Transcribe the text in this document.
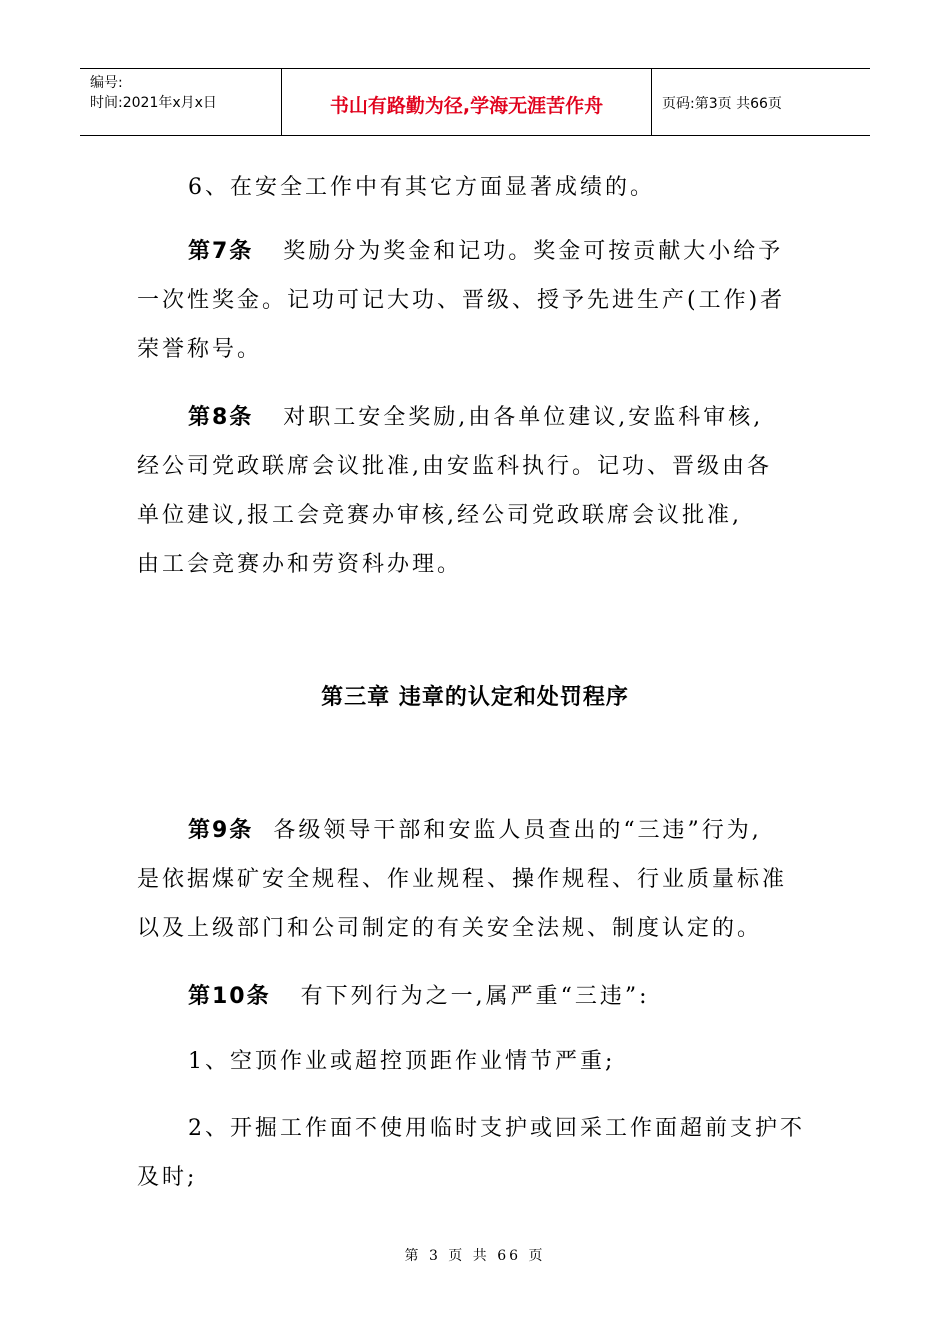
编号:
时间:2021年x月x日	书山有路勤为径,学海无涯苦作舟	页码:第3页 共66页
6、在安全工作中有其它方面显著成绩的。
第7条 奖励分为奖金和记功。奖金可按贡献大小给予
一次性奖金。记功可记大功、晋级、授予先进生产(工作)者
荣誉称号。
第8条 对职工安全奖励,由各单位建议,安监科审核,
经公司党政联席会议批准,由安监科执行。记功、晋级由各
单位建议,报工会竞赛办审核,经公司党政联席会议批准,
由工会竞赛办和劳资科办理。
第三章 违章的认定和处罚程序
第9条 各级领导干部和安监人员查出的“三违”行为,
是依据煤矿安全规程、作业规程、操作规程、行业质量标准
以及上级部门和公司制定的有关安全法规、制度认定的。
第10条 有下列行为之一,属严重“三违”:
1、空顶作业或超控顶距作业情节严重;
2、开掘工作面不使用临时支护或回采工作面超前支护不
及时;
第 3 页 共 66 页
